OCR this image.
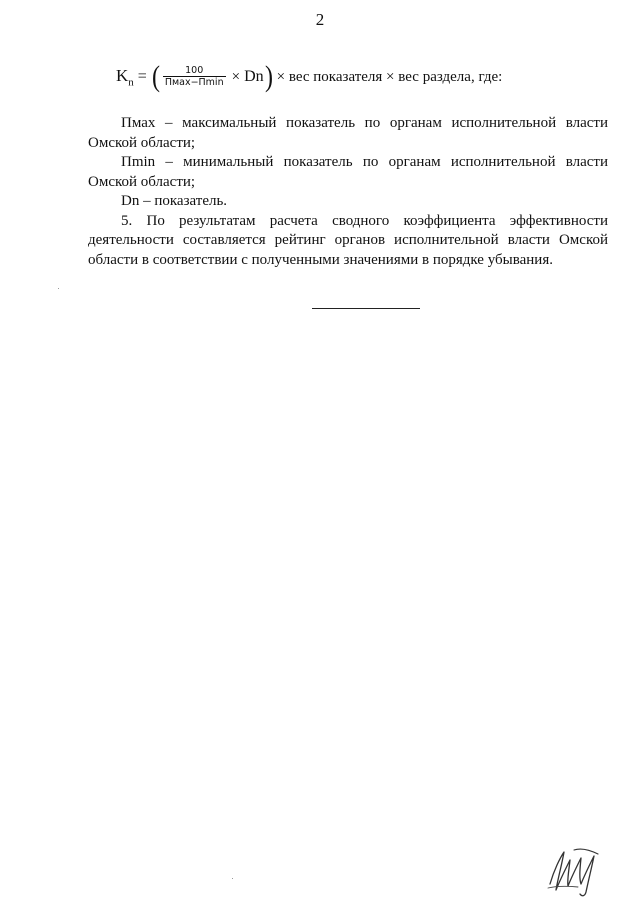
2
$K_n$ = ( $\frac{100}{\text{Пмах−Пmin}} \times Dn$ ) × вес показателя × вес раздела, где:

Пмах – максимальный показатель по органам исполнительной власти Омской области;

Пmin – минимальный показатель по органам исполнительной власти Омской области;

Dn – показатель.

5. По результатам расчета сводного коэффициента эффективности деятельности составляется рейтинг органов исполнительной власти Омской области в соответствии с полученными значениями в порядке убывания.
